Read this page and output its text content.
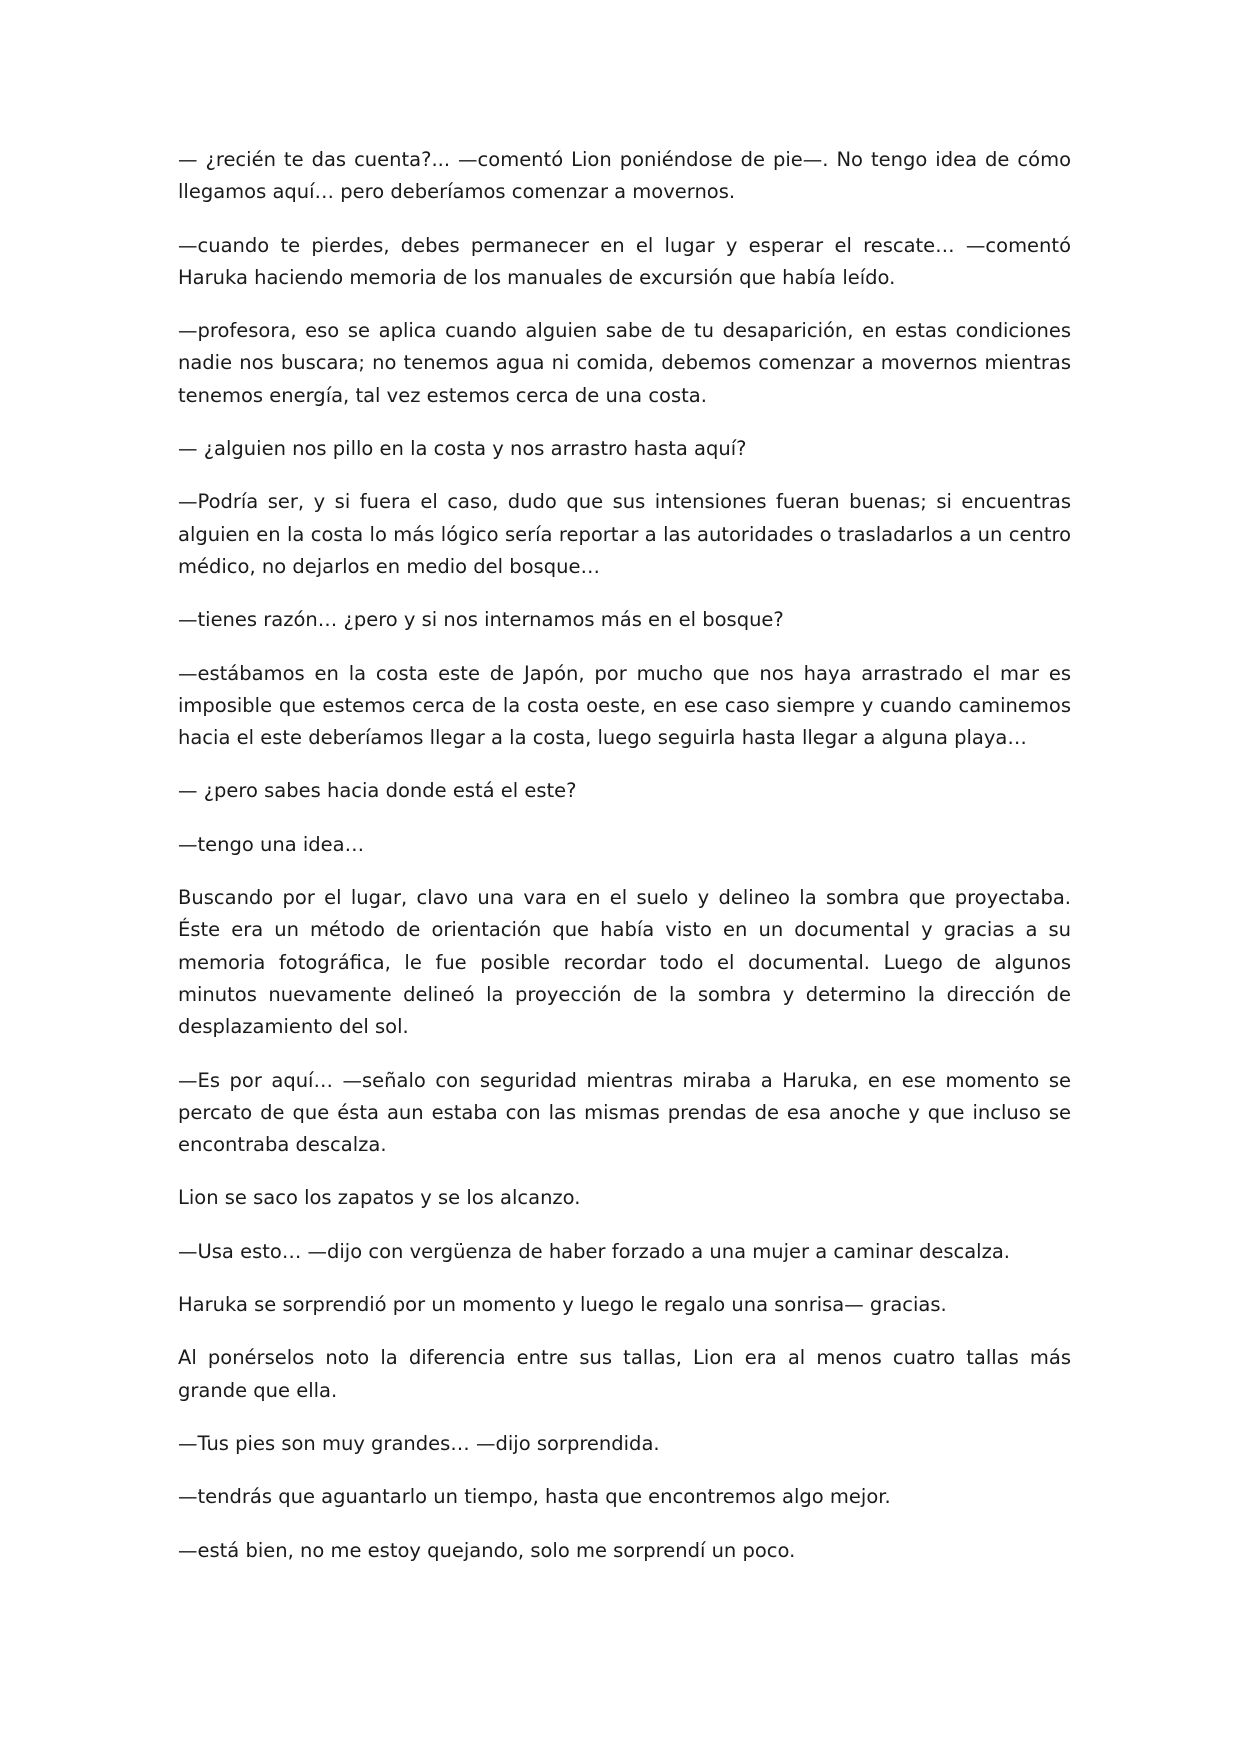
— ¿recién te das cuenta?... —comentó Lion poniéndose de pie—. No tengo idea de cómo llegamos aquí… pero deberíamos comenzar a movernos.

—cuando te pierdes, debes permanecer en el lugar y esperar el rescate… —comentó Haruka haciendo memoria de los manuales de excursión que había leído.

—profesora, eso se aplica cuando alguien sabe de tu desaparición, en estas condiciones nadie nos buscara; no tenemos agua ni comida, debemos comenzar a movernos mientras tenemos energía, tal vez estemos cerca de una costa.

— ¿alguien nos pillo en la costa y nos arrastro hasta aquí?

—Podría ser, y si fuera el caso, dudo que sus intensiones fueran buenas; si encuentras alguien en la costa lo más lógico sería reportar a las autoridades o trasladarlos a un centro médico, no dejarlos en medio del bosque…

—tienes razón… ¿pero y si nos internamos más en el bosque?

—estábamos en la costa este de Japón, por mucho que nos haya arrastrado el mar es imposible que estemos cerca de la costa oeste, en ese caso siempre y cuando caminemos hacia el este deberíamos llegar a la costa, luego seguirla hasta llegar a alguna playa…

— ¿pero sabes hacia donde está el este?

—tengo una idea…

Buscando por el lugar, clavo una vara en el suelo y delineo la sombra que proyectaba. Éste era un método de orientación que había visto en un documental y gracias a su memoria fotográfica, le fue posible recordar todo el documental. Luego de algunos minutos nuevamente delineó la proyección de la sombra y determino la dirección de desplazamiento del sol.

—Es por aquí… —señalo con seguridad mientras miraba a Haruka, en ese momento se percato de que ésta aun estaba con las mismas prendas de esa anoche y que incluso se encontraba descalza.

Lion se saco los zapatos y se los alcanzo.

—Usa esto… —dijo con vergüenza de haber forzado a una mujer a caminar descalza.

Haruka se sorprendió por un momento y luego le regalo una sonrisa— gracias.

Al ponérselos noto la diferencia entre sus tallas, Lion era al menos cuatro tallas más grande que ella.

—Tus pies son muy grandes… —dijo sorprendida.

—tendrás que aguantarlo un tiempo, hasta que encontremos algo mejor.

—está bien, no me estoy quejando, solo me sorprendí un poco.
